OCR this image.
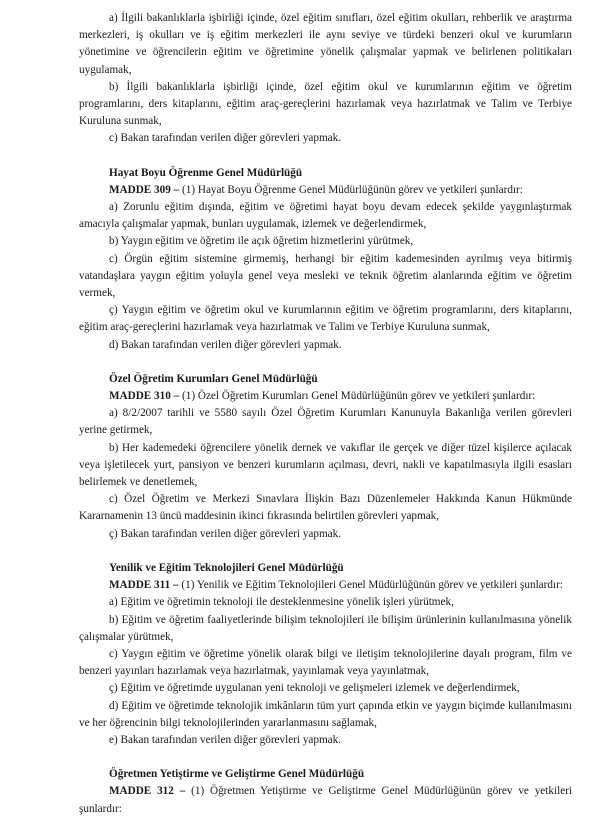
a) İlgili bakanlıklarla işbirliği içinde, özel eğitim sınıfları, özel eğitim okulları, rehberlik ve araştırma merkezleri, iş okulları ve iş eğitim merkezleri ile aynı seviye ve türdeki benzeri okul ve kurumların yönetimine ve öğrencilerin eğitim ve öğretimine yönelik çalışmalar yapmak ve belirlenen politikaları uygulamak,

b) İlgili bakanlıklarla işbirliği içinde, özel eğitim okul ve kurumlarının eğitim ve öğretim programlarını, ders kitaplarını, eğitim araç-gereçlerini hazırlamak veya hazırlatmak ve Talim ve Terbiye Kuruluna sunmak,

c) Bakan tarafından verilen diğer görevleri yapmak.

Hayat Boyu Öğrenme Genel Müdürlüğü

MADDE 309 – (1) Hayat Boyu Öğrenme Genel Müdürlüğünün görev ve yetkileri şunlardır:

a) Zorunlu eğitim dışında, eğitim ve öğretimi hayat boyu devam edecek şekilde yaygınlaştırmak amacıyla çalışmalar yapmak, bunları uygulamak, izlemek ve değerlendirmek,

b) Yaygın eğitim ve öğretim ile açık öğretim hizmetlerini yürütmek,

c) Örgün eğitim sistemine girmemiş, herhangi bir eğitim kademesinden ayrılmış veya bitirmiş vatandaşlara yaygın eğitim yoluyla genel veya mesleki ve teknik öğretim alanlarında eğitim ve öğretim vermek,

ç) Yaygın eğitim ve öğretim okul ve kurumlarının eğitim ve öğretim programlarını, ders kitaplarını, eğitim araç-gereçlerini hazırlamak veya hazırlatmak ve Talim ve Terbiye Kuruluna sunmak,

d) Bakan tarafından verilen diğer görevleri yapmak.

Özel Öğretim Kurumları Genel Müdürlüğü

MADDE 310 – (1) Özel Öğretim Kurumları Genel Müdürlüğünün görev ve yetkileri şunlardır:

a) 8/2/2007 tarihli ve 5580 sayılı Özel Öğretim Kurumları Kanunuyla Bakanlığa verilen görevleri yerine getirmek,

b) Her kademedeki öğrencilere yönelik dernek ve vakıflar ile gerçek ve diğer tüzel kişilerce açılacak veya işletilecek yurt, pansiyon ve benzeri kurumların açılması, devri, nakli ve kapatılmasıyla ilgili esasları belirlemek ve denetlemek,

c) Özel Öğretim ve Merkezi Sınavlara İlişkin Bazı Düzenlemeler Hakkında Kanun Hükmünde Kararnamenin 13 üncü maddesinin ikinci fıkrasında belirtilen görevleri yapmak,

ç) Bakan tarafından verilen diğer görevleri yapmak.

Yenilik ve Eğitim Teknolojileri Genel Müdürlüğü

MADDE 311 – (1) Yenilik ve Eğitim Teknolojileri Genel Müdürlüğünün görev ve yetkileri şunlardır:

a) Eğitim ve öğretimin teknoloji ile desteklenmesine yönelik işleri yürütmek,

b) Eğitim ve öğretim faaliyetlerinde bilişim teknolojileri ile bilişim ürünlerinin kullanılmasına yönelik çalışmalar yürütmek,

c) Yaygın eğitim ve öğretime yönelik olarak bilgi ve iletişim teknolojilerine dayalı program, film ve benzeri yayınları hazırlamak veya hazırlatmak, yayınlamak veya yayınlatmak,

ç) Eğitim ve öğretimde uygulanan yeni teknoloji ve gelişmeleri izlemek ve değerlendirmek,

d) Eğitim ve öğretimde teknolojik imkânların tüm yurt çapında etkin ve yaygın biçimde kullanılmasını ve her öğrencinin bilgi teknolojilerinden yararlanmasını sağlamak,

e) Bakan tarafından verilen diğer görevleri yapmak.

Öğretmen Yetiştirme ve Geliştirme Genel Müdürlüğü

MADDE 312 – (1) Öğretmen Yetiştirme ve Geliştirme Genel Müdürlüğünün görev ve yetkileri şunlardır:
